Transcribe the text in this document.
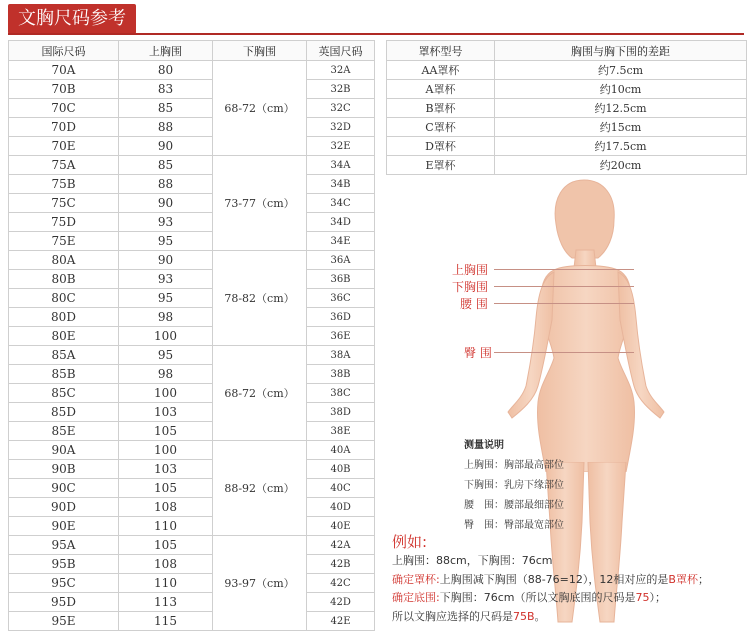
文胸尺码参考
国际尺码	上胸围	下胸围	英国尺码
70A	80	68-72（cm）	32A
70B	83		32B
70C	85		32C
70D	88		32D
70E	90		32E
75A	85	73-77（cm）	34A
75B	88		34B
75C	90		34C
75D	93		34D
75E	95		34E
80A	90	78-82（cm）	36A
80B	93		36B
80C	95		36C
80D	98		36D
80E	100		36E
85A	95	68-72（cm）	38A
85B	98		38B
85C	100		38C
85D	103		38D
85E	105		38E
90A	100	88-92（cm）	40A
90B	103		40B
90C	105		40C
90D	108		40D
90E	110		40E
95A	105	93-97（cm）	42A
95B	108		42B
95C	110		42C
95D	113		42D
95E	115		42E
罩杯型号	胸围与胸下围的差距
AA罩杯	约7.5cm
A罩杯	约10cm
B罩杯	约12.5cm
C罩杯	约15cm
D罩杯	约17.5cm
E罩杯	约20cm
上胸围
下胸围
腰 围
臀 围
测量说明
上胸围：胸部最高部位
下胸围：乳房下缘部位
腰　围：腰部最细部位
臀　围：臀部最宽部位
例如:
上胸围：88cm，下胸围：76cm
确定罩杯:上胸围减下胸围（88-76=12），12相对应的是B罩杯；
确定底围:下胸围：76cm（所以文胸底围的尺码是75）；
所以文胸应选择的尺码是75B。
